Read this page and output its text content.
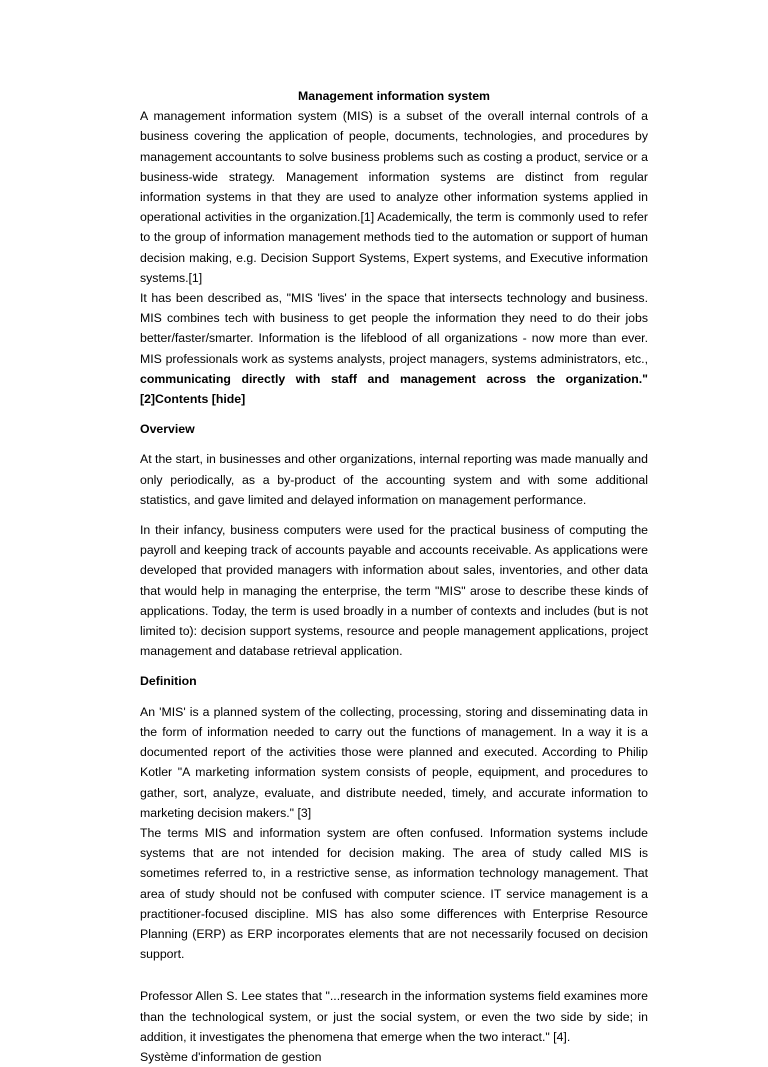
Management information system

A management information system (MIS) is a subset of the overall internal controls of a business covering the application of people, documents, technologies, and procedures by management accountants to solve business problems such as costing a product, service or a business-wide strategy. Management information systems are distinct from regular information systems in that they are used to analyze other information systems applied in operational activities in the organization.[1] Academically, the term is commonly used to refer to the group of information management methods tied to the automation or support of human decision making, e.g. Decision Support Systems, Expert systems, and Executive information systems.[1]

It has been described as, "MIS 'lives' in the space that intersects technology and business. MIS combines tech with business to get people the information they need to do their jobs better/faster/smarter. Information is the lifeblood of all organizations - now more than ever. MIS professionals work as systems analysts, project managers, systems administrators, etc., communicating directly with staff and management across the organization." [2]Contents [hide]

Overview

At the start, in businesses and other organizations, internal reporting was made manually and only periodically, as a by-product of the accounting system and with some additional statistics, and gave limited and delayed information on management performance.

In their infancy, business computers were used for the practical business of computing the payroll and keeping track of accounts payable and accounts receivable. As applications were developed that provided managers with information about sales, inventories, and other data that would help in managing the enterprise, the term "MIS" arose to describe these kinds of applications. Today, the term is used broadly in a number of contexts and includes (but is not limited to): decision support systems, resource and people management applications, project management and database retrieval application.

Definition

An 'MIS' is a planned system of the collecting, processing, storing and disseminating data in the form of information needed to carry out the functions of management. In a way it is a documented report of the activities those were planned and executed. According to Philip Kotler "A marketing information system consists of people, equipment, and procedures to gather, sort, analyze, evaluate, and distribute needed, timely, and accurate information to marketing decision makers." [3]

The terms MIS and information system are often confused. Information systems include systems that are not intended for decision making. The area of study called MIS is sometimes referred to, in a restrictive sense, as information technology management. That area of study should not be confused with computer science. IT service management is a practitioner-focused discipline. MIS has also some differences with Enterprise Resource Planning (ERP) as ERP incorporates elements that are not necessarily focused on decision support.

Professor Allen S. Lee states that "...research in the information systems field examines more than the technological system, or just the social system, or even the two side by side; in addition, it investigates the phenomena that emerge when the two interact." [4].

Système d'information de gestion
